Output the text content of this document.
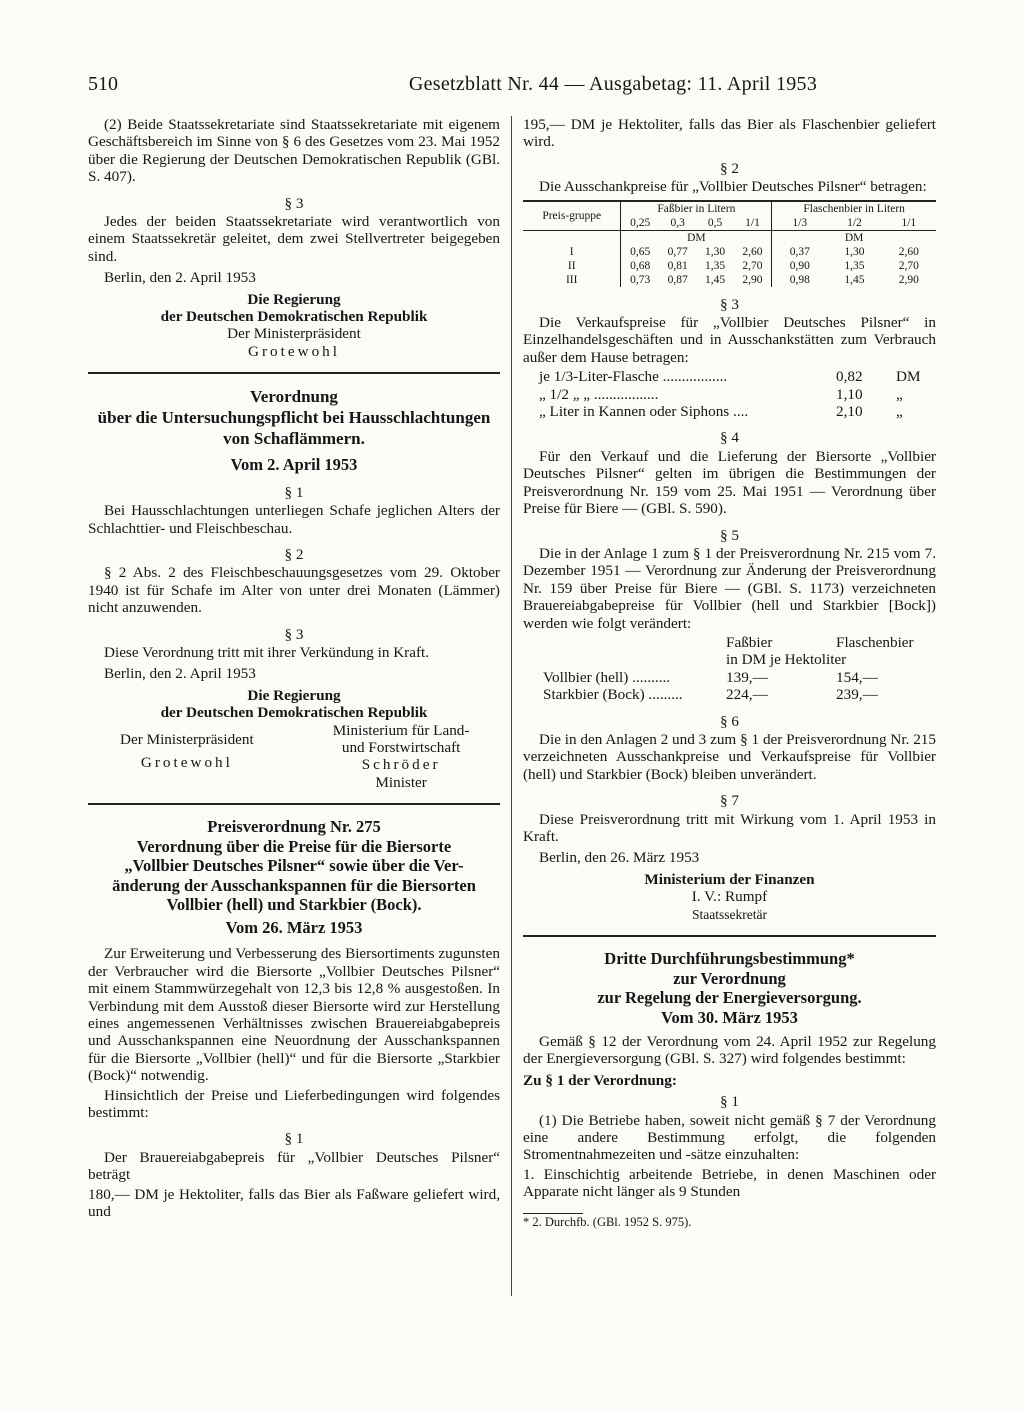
510	Gesetzblatt Nr. 44 — Ausgabetag: 11. April 1953

(2) Beide Staatssekretariate sind Staatssekretariate mit eigenem Geschäftsbereich im Sinne von § 6 des Gesetzes vom 23. Mai 1952 über die Regierung der Deutschen Demokratischen Republik (GBl. S. 407).

§ 3

Jedes der beiden Staatssekretariate wird verantwortlich von einem Staatssekretär geleitet, dem zwei Stellvertreter beigegeben sind.

Berlin, den 2. April 1953

Die Regierung

der Deutschen Demokratischen Republik

Der Ministerpräsident

Grotewohl

Verordnung
über die Untersuchungspflicht bei Hausschlachtungen
von Schaflämmern.

Vom 2. April 1953

§ 1

Bei Hausschlachtungen unterliegen Schafe jeglichen Alters der Schlachttier- und Fleischbeschau.

§ 2

§ 2 Abs. 2 des Fleischbeschauungsgesetzes vom 29. Oktober 1940 ist für Schafe im Alter von unter drei Monaten (Lämmer) nicht anzuwenden.

§ 3

Diese Verordnung tritt mit ihrer Verkündung in Kraft.

Berlin, den 2. April 1953

Die Regierung

der Deutschen Demokratischen Republik

Der Ministerpräsident
Grotewohl
Ministerium für Land-
und Forstwirtschaft
Schröder
Minister
Preisverordnung Nr. 275
Verordnung über die Preise für die Biersorte
„Vollbier Deutsches Pilsner“ sowie über die Ver-
änderung der Ausschankspannen für die Biersorten
Vollbier (hell) und Starkbier (Bock).

Vom 26. März 1953

Zur Erweiterung und Verbesserung des Biersortiments zugunsten der Verbraucher wird die Biersorte „Vollbier Deutsches Pilsner“ mit einem Stammwürzegehalt von 12,3 bis 12,8 % ausgestoßen. In Verbindung mit dem Ausstoß dieser Biersorte wird zur Herstellung eines angemessenen Verhältnisses zwischen Brauereiabgabepreis und Ausschankspannen eine Neuordnung der Ausschankspannen für die Biersorte „Vollbier (hell)“ und für die Biersorte „Starkbier (Bock)“ notwendig.

Hinsichtlich der Preise und Lieferbedingungen wird folgendes bestimmt:

§ 1

Der Brauereiabgabepreis für „Vollbier Deutsches Pilsner“ beträgt

180,— DM je Hektoliter, falls das Bier als Faßware geliefert wird, und

195,— DM je Hektoliter, falls das Bier als Flaschenbier geliefert wird.

§ 2

Die Ausschankpreise für „Vollbier Deutsches Pilsner“ betragen:

Preis-gruppe	Faßbier in Litern				Flaschenbier in Litern		
	0,25	0,3	0,5	1/1	1/3	1/2	1/1
	DM				DM		
I	0,65	0,77	1,30	2,60	0,37	1,30	2,60
II	0,68	0,81	1,35	2,70	0,90	1,35	2,70
III	0,73	0,87	1,45	2,90	0,98	1,45	2,90

§ 3

Die Verkaufspreise für „Vollbier Deutsches Pilsner“ in Einzelhandelsgeschäften und in Ausschankstätten zum Verbrauch außer dem Hause betragen:

je 1/3-Liter-Flasche .................	0,82	DM
„ 1/2 „ „ .................	1,10	„
„ Liter in Kannen oder Siphons ....	2,10	„

§ 4

Für den Verkauf und die Lieferung der Biersorte „Vollbier Deutsches Pilsner“ gelten im übrigen die Bestimmungen der Preisverordnung Nr. 159 vom 25. Mai 1951 — Verordnung über Preise für Biere — (GBl. S. 590).

§ 5

Die in der Anlage 1 zum § 1 der Preisverordnung Nr. 215 vom 7. Dezember 1951 — Verordnung zur Änderung der Preisverordnung Nr. 159 über Preise für Biere — (GBl. S. 1173) verzeichneten Brauereiabgabepreise für Vollbier (hell und Starkbier [Bock]) werden wie folgt verändert:

Faßbier	Flaschenbier
in DM je Hektoliter
Vollbier (hell) ..........	139,—	154,—
Starkbier (Bock) .........	224,—	239,—

§ 6

Die in den Anlagen 2 und 3 zum § 1 der Preisverordnung Nr. 215 verzeichneten Ausschankpreise und Verkaufspreise für Vollbier (hell) und Starkbier (Bock) bleiben unverändert.

§ 7

Diese Preisverordnung tritt mit Wirkung vom 1. April 1953 in Kraft.

Berlin, den 26. März 1953

Ministerium der Finanzen

I. V.: Rumpf

Staatssekretär

Dritte Durchführungsbestimmung*
zur Verordnung
zur Regelung der Energieversorgung.
Vom 30. März 1953

Gemäß § 12 der Verordnung vom 24. April 1952 zur Regelung der Energieversorgung (GBl. S. 327) wird folgendes bestimmt:

Zu § 1 der Verordnung:

§ 1

(1) Die Betriebe haben, soweit nicht gemäß § 7 der Verordnung eine andere Bestimmung erfolgt, die folgenden Stromentnahmezeiten und -sätze einzuhalten:

1. Einschichtig arbeitende Betriebe, in denen Maschinen oder Apparate nicht länger als 9 Stunden

* 2. Durchfb. (GBl. 1952 S. 975).
